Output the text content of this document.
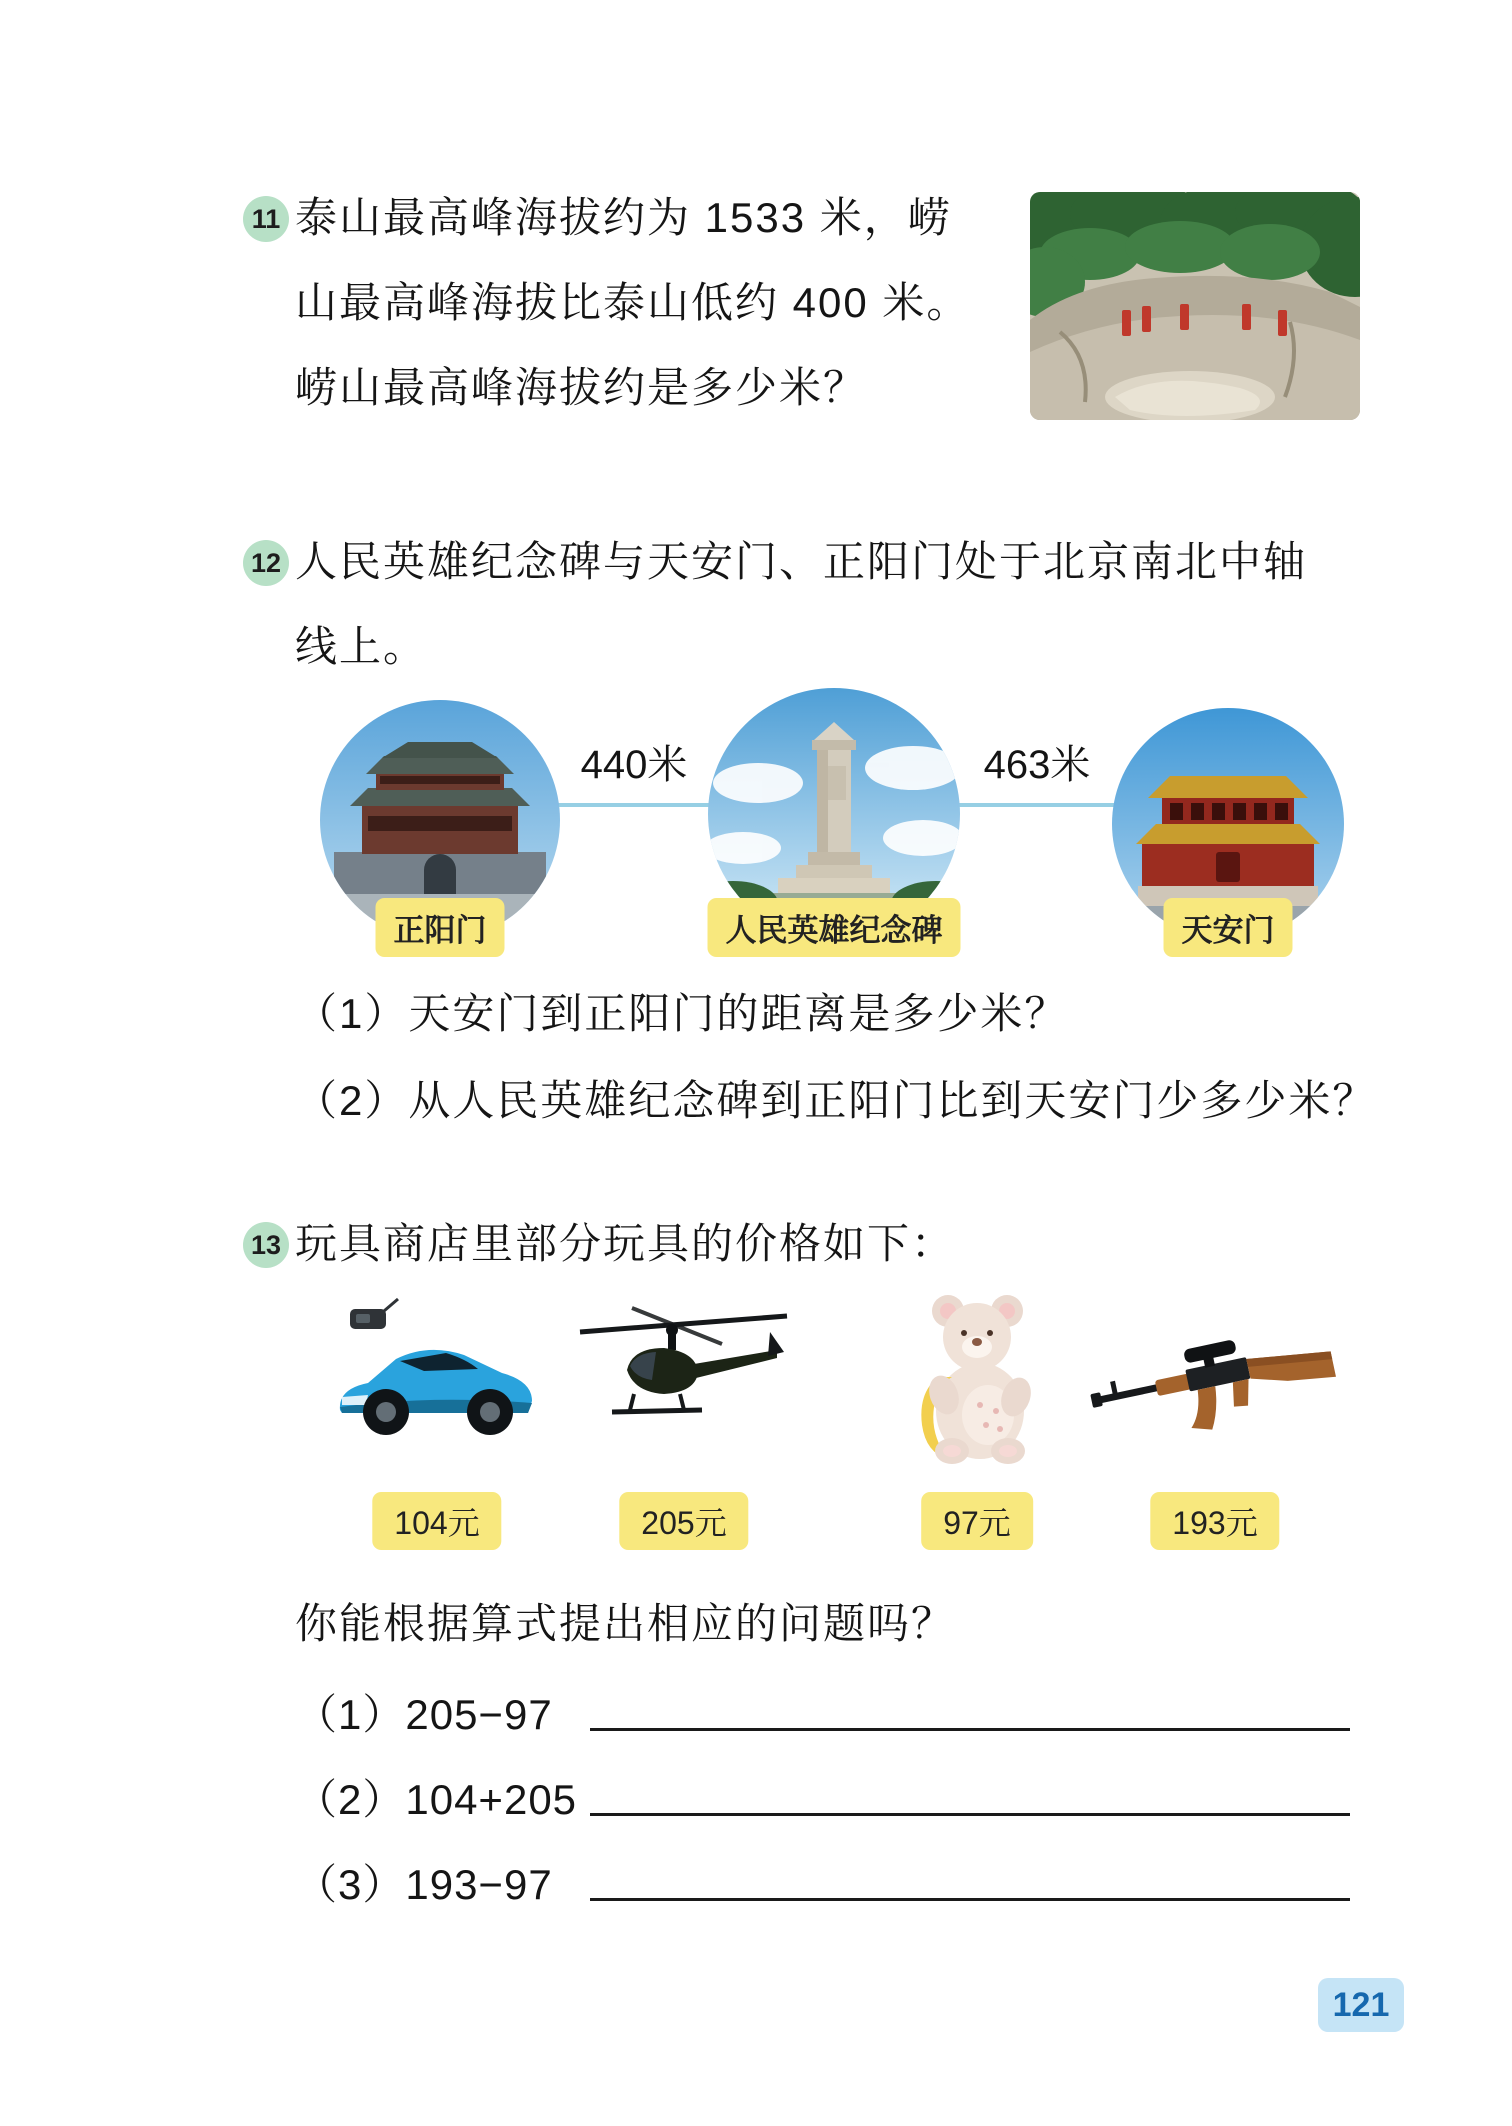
11 泰山最高峰海拔约为 1533 米，崂
山最高峰海拔比泰山低约 400 米。
崂山最高峰海拔约是多少米？
12 人民英雄纪念碑与天安门、正阳门处于北京南北中轴
线上。
440米	463米
正阳门	人民英雄纪念碑	天安门
（1）天安门到正阳门的距离是多少米？
（2）从人民英雄纪念碑到正阳门比到天安门少多少米？
13 玩具商店里部分玩具的价格如下：
104元	205元	97元	193元
你能根据算式提出相应的问题吗？
（1）205−97
（2）104+205
（3）193−97
121
